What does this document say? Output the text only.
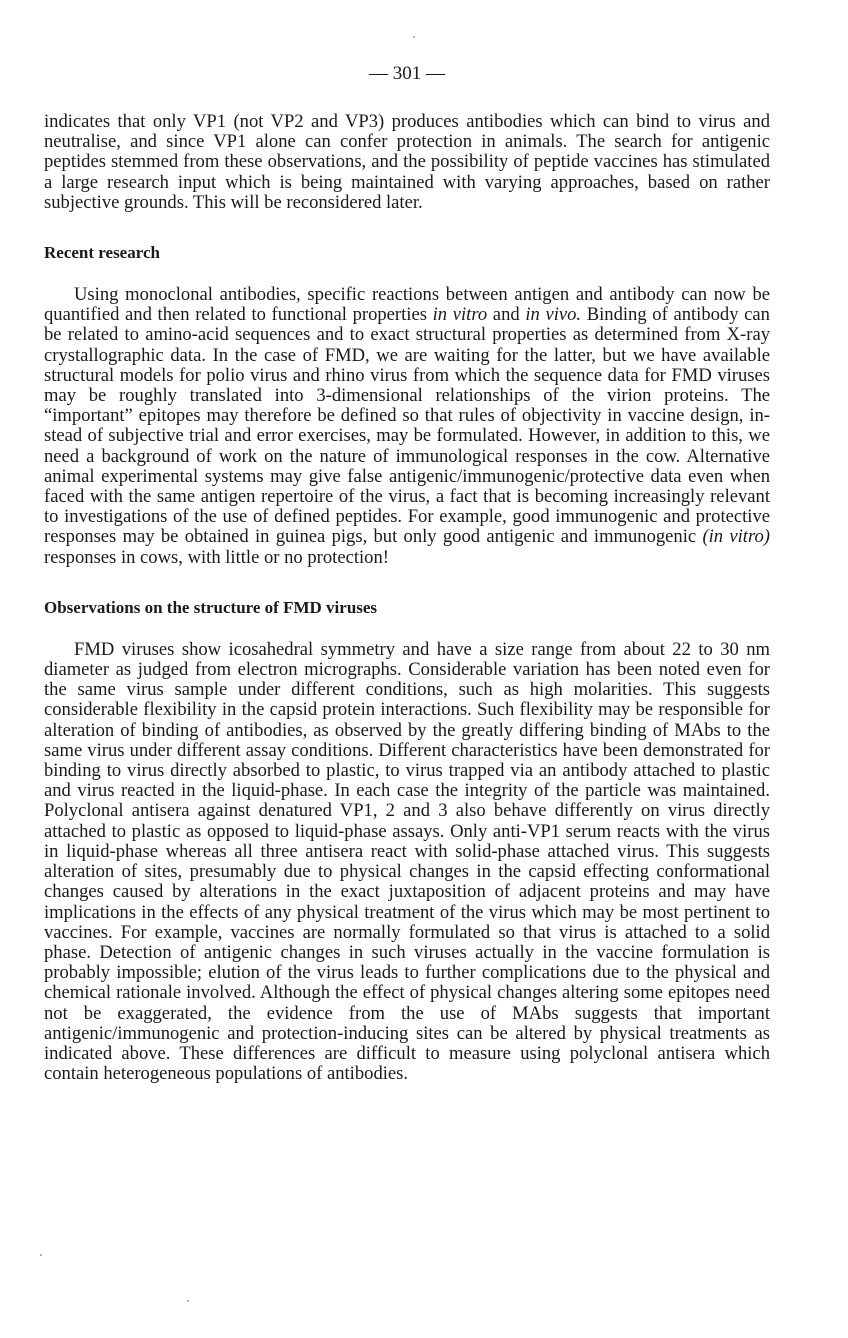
— 301 —

indicates that only VP1 (not VP2 and VP3) produces antibodies which can bind to virus and neutralise, and since VP1 alone can confer protection in animals. The search for antigenic peptides stemmed from these observations, and the possibility of peptide vaccines has stimulated a large research input which is being maintained with varying approaches, based on rather subjective grounds. This will be reconsidered later.

Recent research

Using monoclonal antibodies, specific reactions between antigen and antibody can now be quantified and then related to functional properties in vitro and in vivo. Binding of antibody can be related to amino-acid sequences and to exact structural properties as determined from X-ray crystallographic data. In the case of FMD, we are waiting for the latter, but we have available structural models for polio virus and rhino virus from which the sequence data for FMD viruses may be roughly translated into 3-dimensional relationships of the virion proteins. The “important” epitopes may therefore be defined so that rules of objectivity in vaccine design, instead of subjective trial and error exercises, may be formulated. However, in addition to this, we need a background of work on the nature of immunological responses in the cow. Alternative animal experimental systems may give false antigenic/immunogenic/protective data even when faced with the same antigen repertoire of the virus, a fact that is becoming increasingly relevant to investigations of the use of defined peptides. For example, good immunogenic and protective responses may be obtained in guinea pigs, but only good antigenic and immunogenic (in vitro) responses in cows, with little or no protection!

Observations on the structure of FMD viruses

FMD viruses show icosahedral symmetry and have a size range from about 22 to 30 nm diameter as judged from electron micrographs. Considerable variation has been noted even for the same virus sample under different conditions, such as high molarities. This suggests considerable flexibility in the capsid protein interactions. Such flexibility may be responsible for alteration of binding of antibodies, as observed by the greatly differing binding of MAbs to the same virus under different assay conditions. Different characteristics have been demonstrated for binding to virus directly absorbed to plastic, to virus trapped via an antibody attached to plastic and virus reacted in the liquid-phase. In each case the integrity of the particle was maintained. Polyclonal antisera against denatured VP1, 2 and 3 also behave differently on virus directly attached to plastic as opposed to liquid-phase assays. Only anti-VP1 serum reacts with the virus in liquid-phase whereas all three antisera react with solid-phase attached virus. This suggests alteration of sites, presumably due to physical changes in the capsid effecting conformational changes caused by alterations in the exact juxtaposition of adjacent proteins and may have implications in the effects of any physical treatment of the virus which may be most pertinent to vaccines. For example, vaccines are normally formulated so that virus is attached to a solid phase. Detection of antigenic changes in such viruses actually in the vaccine formulation is probably impossible; elution of the virus leads to further complications due to the physical and chemical rationale involved. Although the effect of physical changes altering some epitopes need not be exaggerated, the evidence from the use of MAbs suggests that important antigenic/immunogenic and protection-inducing sites can be altered by physical treatments as indicated above. These differences are difficult to measure using polyclonal antisera which contain heterogeneous populations of antibodies.
